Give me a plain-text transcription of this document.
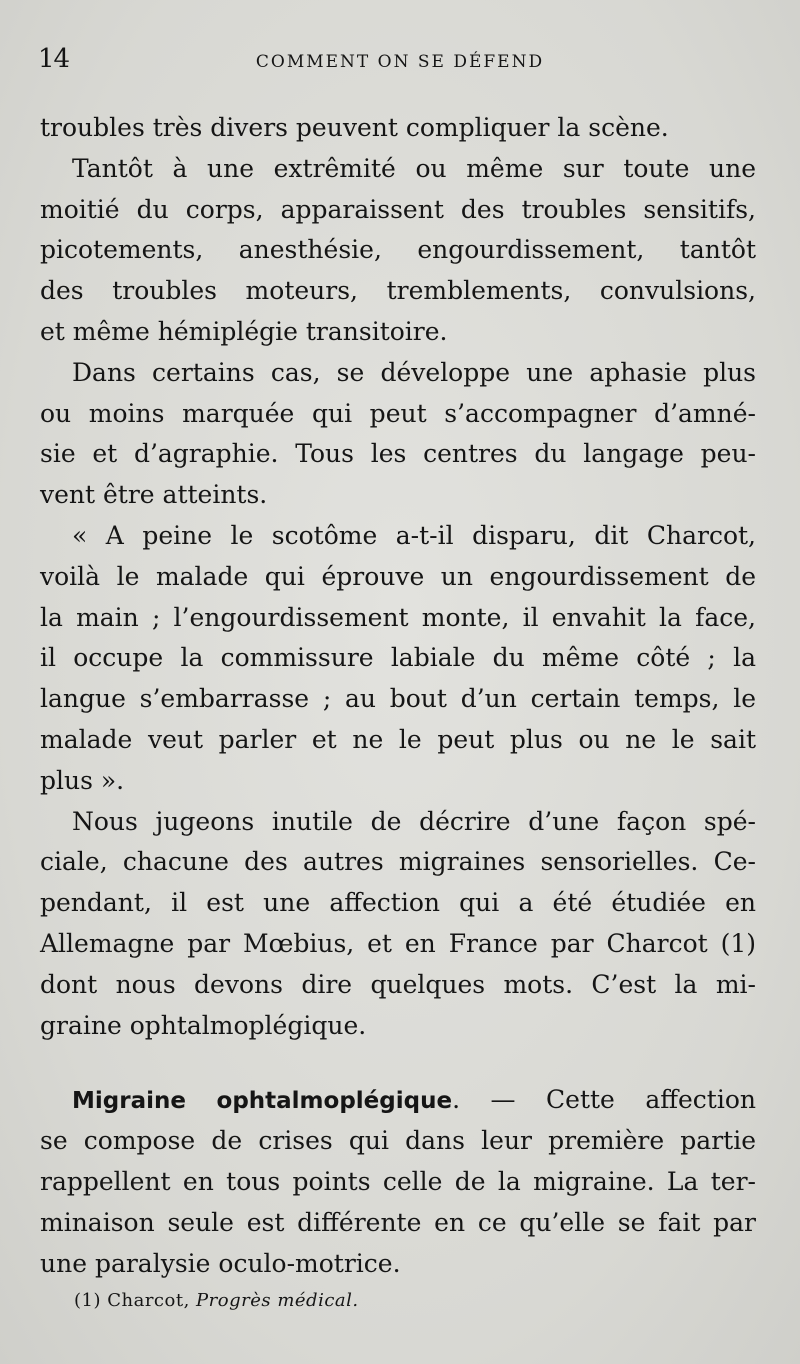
14	COMMENT ON SE DÉFEND
troubles très divers peuvent compliquer la scène.
Tantôt à une extrêmité ou même sur toute une
moitié du corps, apparaissent des troubles sensitifs,
picotements, anesthésie, engourdissement, tantôt
des troubles moteurs, tremblements, convulsions,
et même hémiplégie transitoire.
Dans certains cas, se développe une aphasie plus
ou moins marquée qui peut s’accompagner d’amné-
sie et d’agraphie. Tous les centres du langage peu-
vent être atteints.
« A peine le scotôme a-t-il disparu, dit Charcot,
voilà le malade qui éprouve un engourdissement de
la main ; l’engourdissement monte, il envahit la face,
il occupe la commissure labiale du même côté ; la
langue s’embarrasse ; au bout d’un certain temps, le
malade veut parler et ne le peut plus ou ne le sait
plus ».
Nous jugeons inutile de décrire d’une façon spé-
ciale, chacune des autres migraines sensorielles. Ce-
pendant, il est une affection qui a été étudiée en
Allemagne par Mœbius, et en France par Charcot (1)
dont nous devons dire quelques mots. C’est la mi-
graine ophtalmoplégique.
Migraine ophtalmoplégique. — Cette affection
se compose de crises qui dans leur première partie
rappellent en tous points celle de la migraine. La ter-
minaison seule est différente en ce qu’elle se fait par
une paralysie oculo-motrice.
(1) Charcot, Progrès médical.
